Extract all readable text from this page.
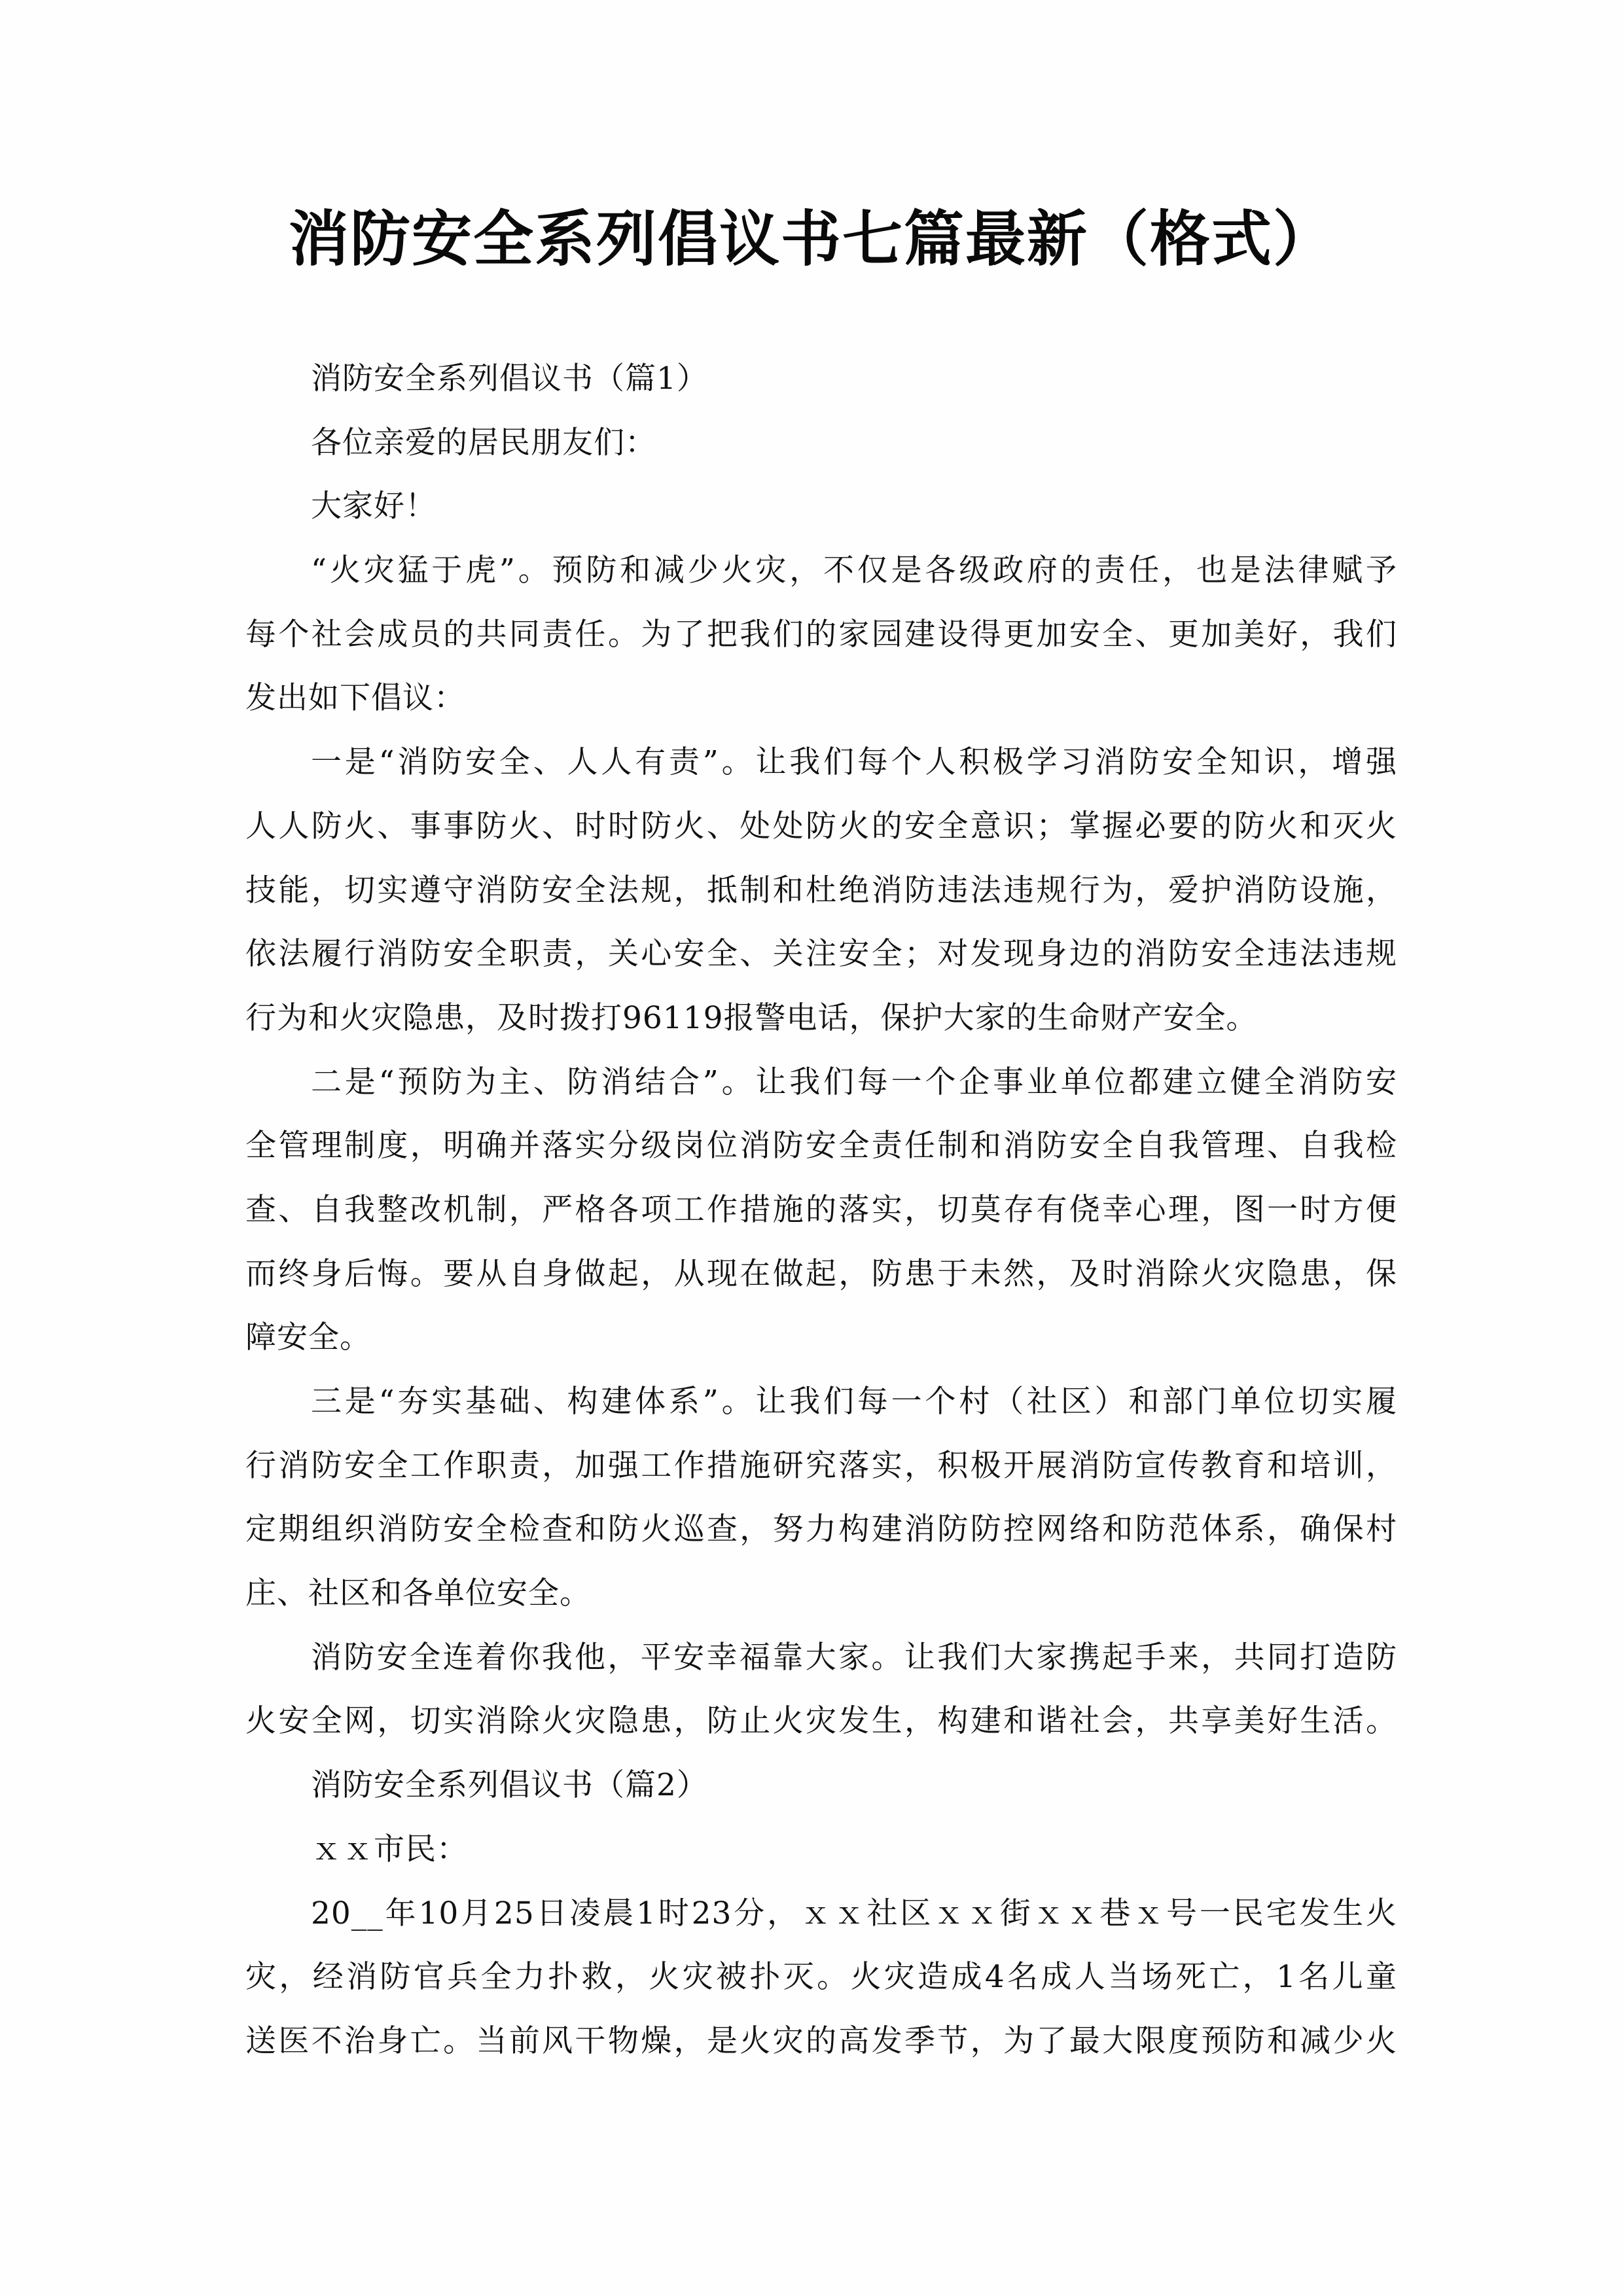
消防安全系列倡议书七篇最新（格式）
消防安全系列倡议书（篇1）
各位亲爱的居民朋友们：
大家好！
“火灾猛于虎”。预防和减少火灾，不仅是各级政府的责任，也是法律赋予
每个社会成员的共同责任。为了把我们的家园建设得更加安全、更加美好，我们
发出如下倡议：
一是“消防安全、人人有责”。让我们每个人积极学习消防安全知识，增强
人人防火、事事防火、时时防火、处处防火的安全意识；掌握必要的防火和灭火
技能，切实遵守消防安全法规，抵制和杜绝消防违法违规行为，爱护消防设施，
依法履行消防安全职责，关心安全、关注安全；对发现身边的消防安全违法违规
行为和火灾隐患，及时拨打96119报警电话，保护大家的生命财产安全。
二是“预防为主、防消结合”。让我们每一个企事业单位都建立健全消防安
全管理制度，明确并落实分级岗位消防安全责任制和消防安全自我管理、自我检
查、自我整改机制，严格各项工作措施的落实，切莫存有侥幸心理，图一时方便
而终身后悔。要从自身做起，从现在做起，防患于未然，及时消除火灾隐患，保
障安全。
三是“夯实基础、构建体系”。让我们每一个村（社区）和部门单位切实履
行消防安全工作职责，加强工作措施研究落实，积极开展消防宣传教育和培训，
定期组织消防安全检查和防火巡查，努力构建消防防控网络和防范体系，确保村
庄、社区和各单位安全。
消防安全连着你我他，平安幸福靠大家。让我们大家携起手来，共同打造防
火安全网，切实消除火灾隐患，防止火灾发生，构建和谐社会，共享美好生活。
消防安全系列倡议书（篇2）
ｘｘ市民：
20__年10月25日凌晨1时23分，ｘｘ社区ｘｘ街ｘｘ巷ｘ号一民宅发生火
灾，经消防官兵全力扑救，火灾被扑灭。火灾造成4名成人当场死亡，1名儿童
送医不治身亡。当前风干物燥，是火灾的高发季节，为了最大限度预防和减少火
